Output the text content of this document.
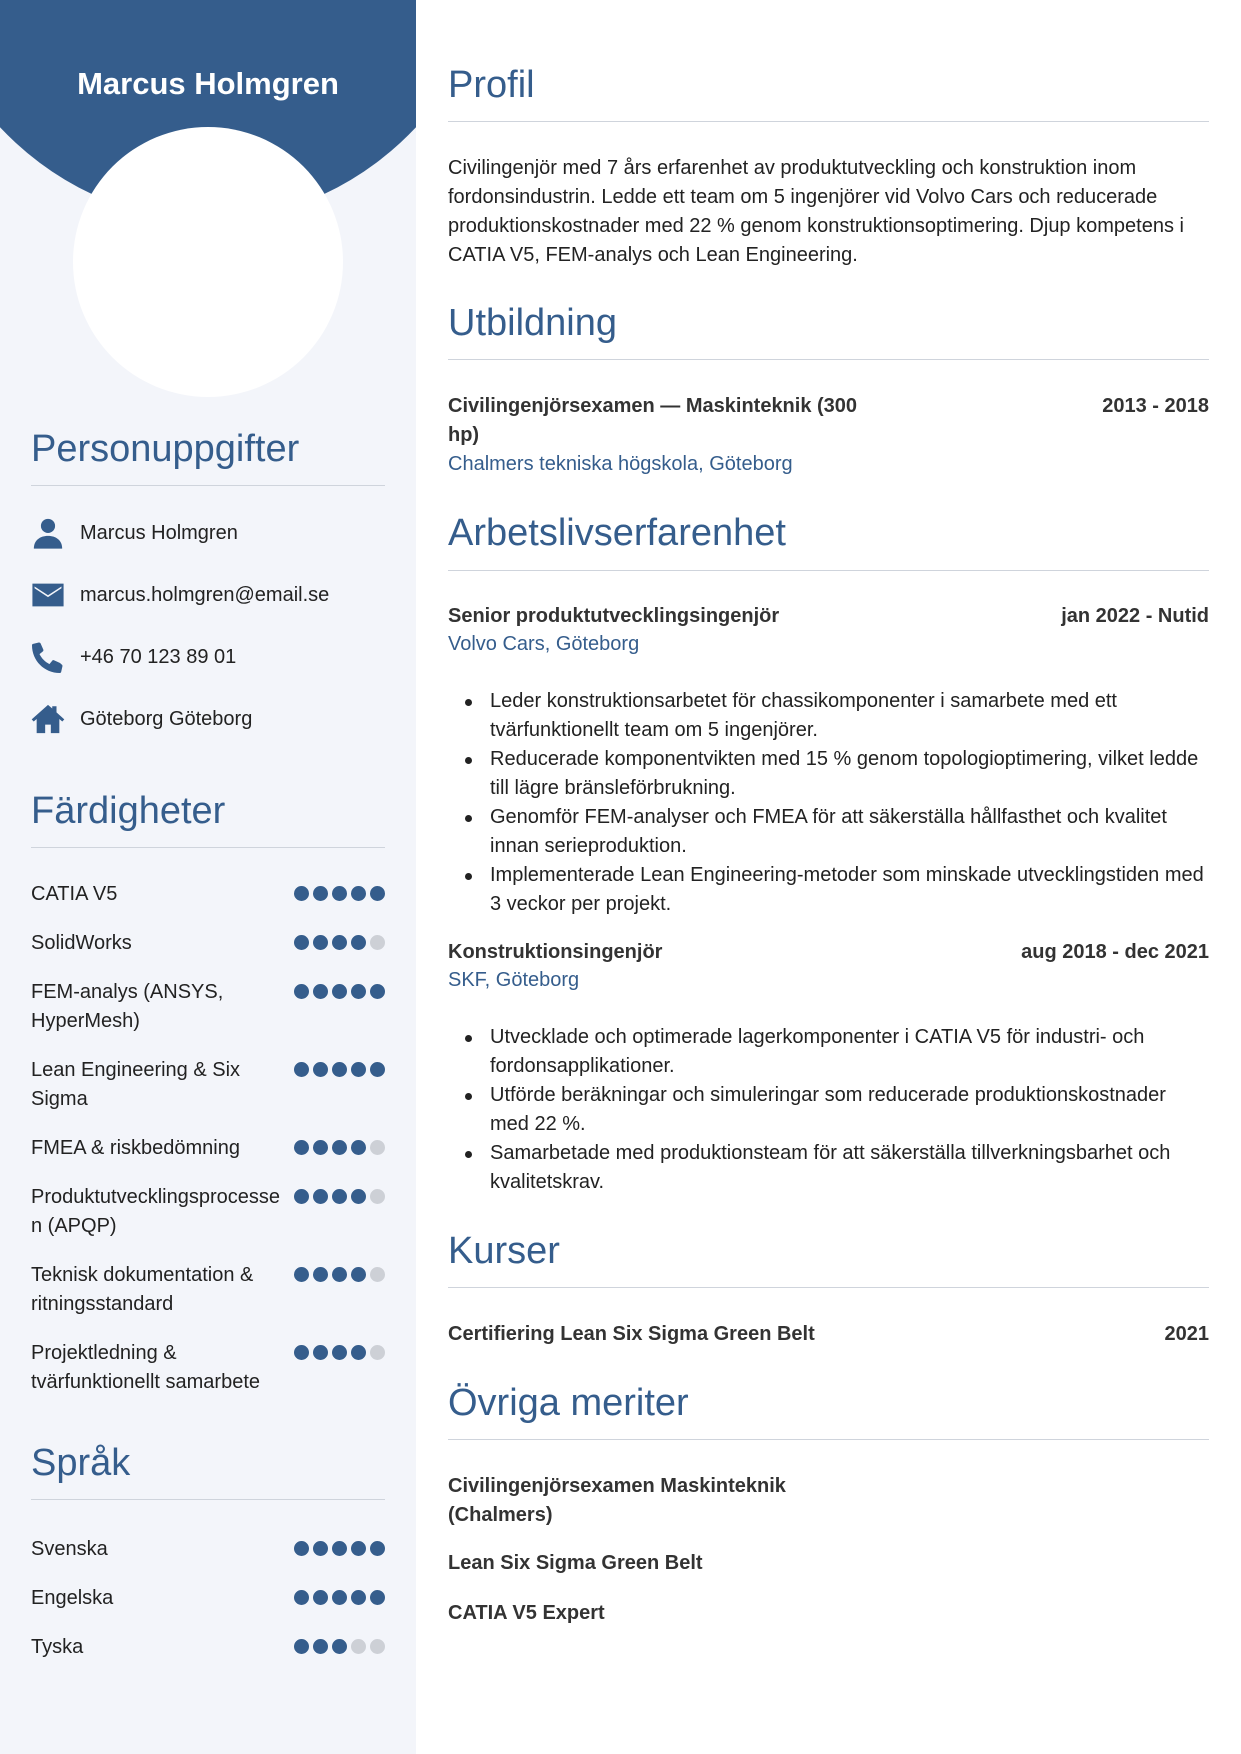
Marcus Holmgren
Personuppgifter
Marcus Holmgren
marcus.holmgren@email.se
+46 70 123 89 01
Göteborg Göteborg
Färdigheter
CATIA V5
SolidWorks
FEM-analys (ANSYS, HyperMesh)
Lean Engineering & Six Sigma
FMEA & riskbedömning
Produktutvecklingsprocessen (APQP)
Teknisk dokumentation & ritningsstandard
Projektledning & tvärfunktionellt samarbete
Språk
Svenska
Engelska
Tyska
Profil

Civilingenjör med 7 års erfarenhet av produktutveckling och konstruktion inom fordonsindustrin. Ledde ett team om 5 ingenjörer vid Volvo Cars och reducerade produktionskostnader med 22 % genom konstruktionsoptimering. Djup kompetens i CATIA V5, FEM-analys och Lean Engineering.

Utbildning
Civilingenjörsexamen — Maskinteknik (300 hp)
2013 - 2018
Chalmers tekniska högskola, Göteborg
Arbetslivserfarenhet
Senior produktutvecklingsingenjör	jan 2022 - Nutid
Volvo Cars, Göteborg
Leder konstruktionsarbetet för chassikomponenter i samarbete med ett tvärfunktionellt team om 5 ingenjörer.
Reducerade komponentvikten med 15 % genom topologioptimering, vilket ledde till lägre bränsleförbrukning.
Genomför FEM-analyser och FMEA för att säkerställa hållfasthet och kvalitet innan serieproduktion.
Implementerade Lean Engineering-metoder som minskade utvecklingstiden med 3 veckor per projekt.
Konstruktionsingenjör	aug 2018 - dec 2021
SKF, Göteborg
Utvecklade och optimerade lagerkomponenter i CATIA V5 för industri- och fordonsapplikationer.
Utförde beräkningar och simuleringar som reducerade produktionskostnader med 22 %.
Samarbetade med produktionsteam för att säkerställa tillverkningsbarhet och kvalitetskrav.
Kurser
Certifiering Lean Six Sigma Green Belt	2021
Övriga meriter
Civilingenjörsexamen Maskinteknik (Chalmers)
Lean Six Sigma Green Belt
CATIA V5 Expert
